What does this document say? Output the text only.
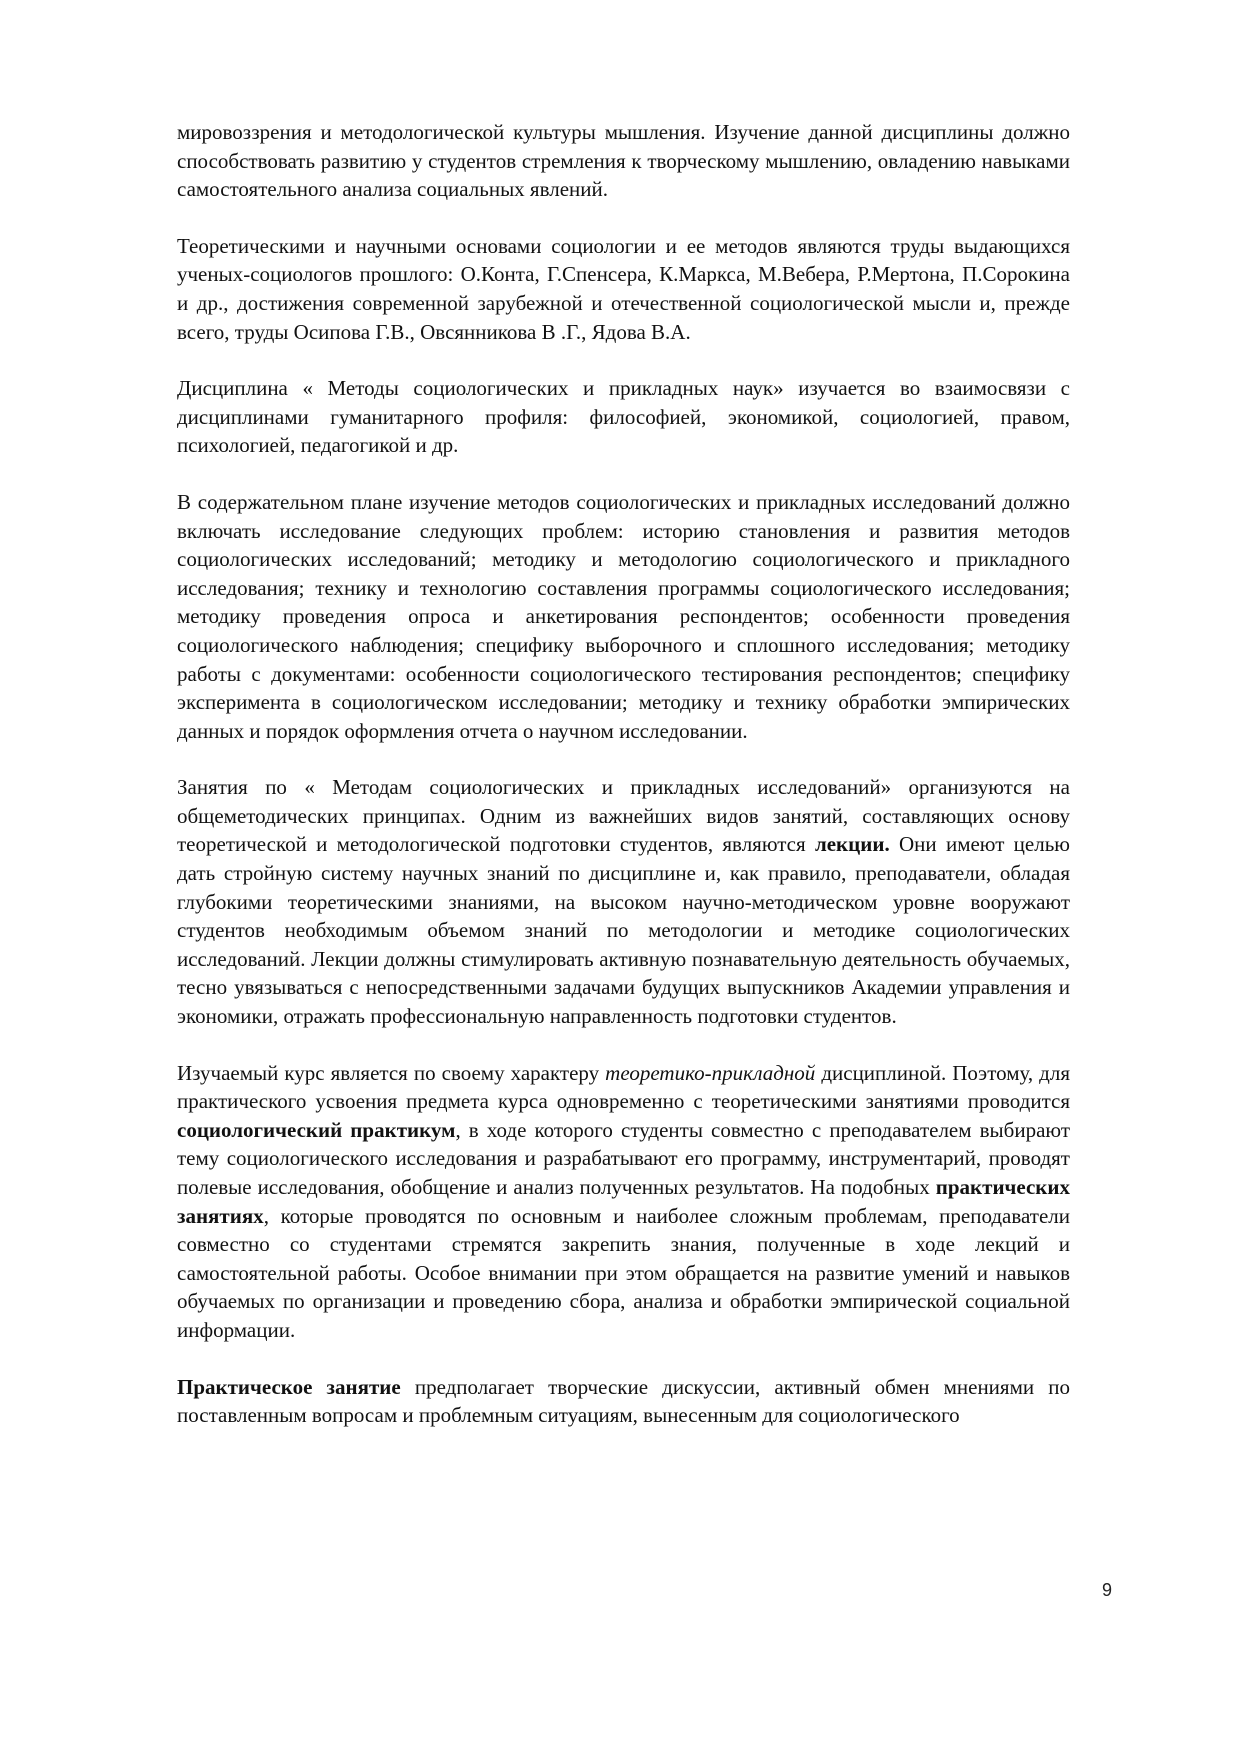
мировоззрения и методологической культуры мышления. Изучение данной дисциплины должно способствовать развитию у студентов стремления к творческому мышлению, овладению навыками самостоятельного анализа социальных явлений.

Теоретическими и научными основами социологии и ее методов являются труды выдающихся ученых-социологов прошлого: О.Конта, Г.Спенсера, К.Маркса, М.Вебера, Р.Мертона, П.Сорокина и др., достижения современной зарубежной и отечественной социологической мысли и, прежде всего, труды Осипова Г.В., Овсянникова В .Г., Ядова В.А.

Дисциплина « Методы социологических и прикладных наук» изучается во взаимосвязи с дисциплинами гуманитарного профиля: философией, экономикой, социологией, правом, психологией, педагогикой и др.

В содержательном плане изучение методов социологических и прикладных исследований должно включать исследование следующих проблем: историю становления и развития методов социологических исследований; методику и методологию социологического и прикладного исследования; технику и технологию составления программы социологического исследования; методику проведения опроса и анкетирования респондентов; особенности проведения социологического наблюдения; специфику выборочного и сплошного исследования; методику работы с документами: особенности социологического тестирования респондентов; специфику эксперимента в социологическом исследовании; методику и технику обработки эмпирических данных и порядок оформления отчета о научном исследовании.

Занятия по « Методам социологических и прикладных исследований» организуются на общеметодических принципах. Одним из важнейших видов занятий, составляющих основу теоретической и методологической подготовки студентов, являются лекции. Они имеют целью дать стройную систему научных знаний по дисциплине и, как правило, преподаватели, обладая глубокими теоретическими знаниями, на высоком научно-методическом уровне вооружают студентов необходимым объемом знаний по методологии и методике социологических исследований. Лекции должны стимулировать активную познавательную деятельность обучаемых, тесно увязываться с непосредственными задачами будущих выпускников Академии управления и экономики, отражать профессиональную направленность подготовки студентов.

Изучаемый курс является по своему характеру теоретико-прикладной дисциплиной. Поэтому, для практического усвоения предмета курса одновременно с теоретическими занятиями проводится социологический практикум, в ходе которого студенты совместно с преподавателем выбирают тему социологического исследования и разрабатывают его программу, инструментарий, проводят полевые исследования, обобщение и анализ полученных результатов. На подобных практических занятиях, которые проводятся по основным и наиболее сложным проблемам, преподаватели совместно со студентами стремятся закрепить знания, полученные в ходе лекций и самостоятельной работы. Особое внимании при этом обращается на развитие умений и навыков обучаемых по организации и проведению сбора, анализа и обработки эмпирической социальной информации.

Практическое занятие предполагает творческие дискуссии, активный обмен мнениями по поставленным вопросам и проблемным ситуациям, вынесенным для социологического

9
